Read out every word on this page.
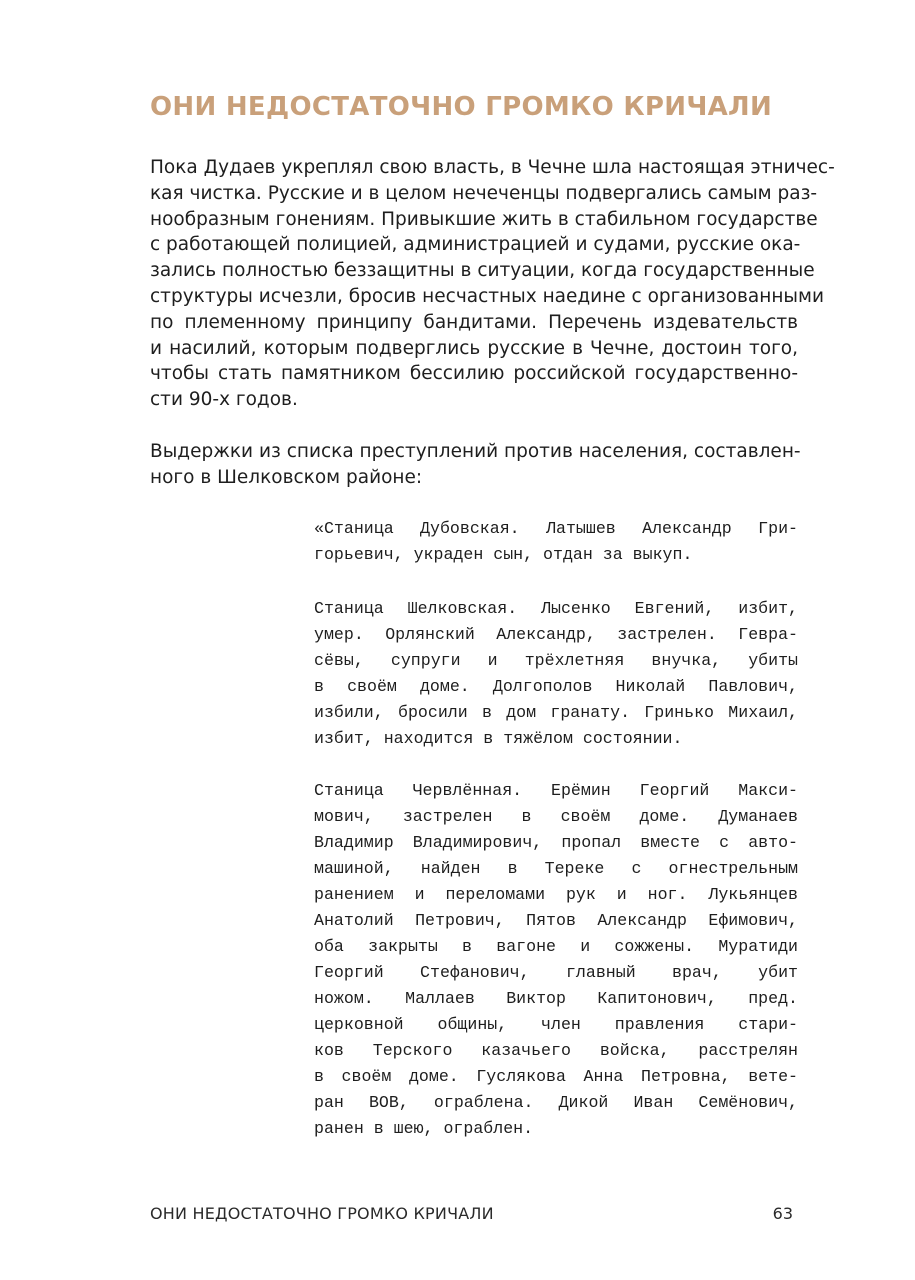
ОНИ НЕДОСТАТОЧНО ГРОМКО КРИЧАЛИ
Пока Дудаев укреплял свою власть, в Чечне шла настоящая этничес-
кая чистка. Русские и в целом нечеченцы подвергались самым раз-
нообразным гонениям. Привыкшие жить в стабильном государстве
с работающей полицией, администрацией и судами, русские ока-
зались полностью беззащитны в ситуации, когда государственные
структуры исчезли, бросив несчастных наедине с организованными
по племенному принципу бандитами. Перечень издевательств
и насилий, которым подверглись русские в Чечне, достоин того,
чтобы стать памятником бессилию российской государственно-
сти 90-х годов.
Выдержки из списка преступлений против населения, составлен-
ного в Шелковском районе:
«Станица Дубовская. Латышев Александр Гри-
горьевич, украден сын, отдан за выкуп.
Станица Шелковская. Лысенко Евгений, избит,
умер. Орлянский Александр, застрелен. Гевра-
сёвы, супруги и трёхлетняя внучка, убиты
в своём доме. Долгополов Николай Павлович,
избили, бросили в дом гранату. Гринько Михаил,
избит, находится в тяжёлом состоянии.
Станица Червлённая. Ерёмин Георгий Макси-
мович, застрелен в своём доме. Думанаев
Владимир Владимирович, пропал вместе с авто-
машиной, найден в Тереке с огнестрельным
ранением и переломами рук и ног. Лукьянцев
Анатолий Петрович, Пятов Александр Ефимович,
оба закрыты в вагоне и сожжены. Муратиди
Георгий Стефанович, главный врач, убит
ножом. Маллаев Виктор Капитонович, пред.
церковной общины, член правления стари-
ков Терского казачьего войска, расстрелян
в своём доме. Гуслякова Анна Петровна, вете-
ран ВОВ, ограблена. Дикой Иван Семёнович,
ранен в шею, ограблен.
ОНИ НЕДОСТАТОЧНО ГРОМКО КРИЧАЛИ	63
